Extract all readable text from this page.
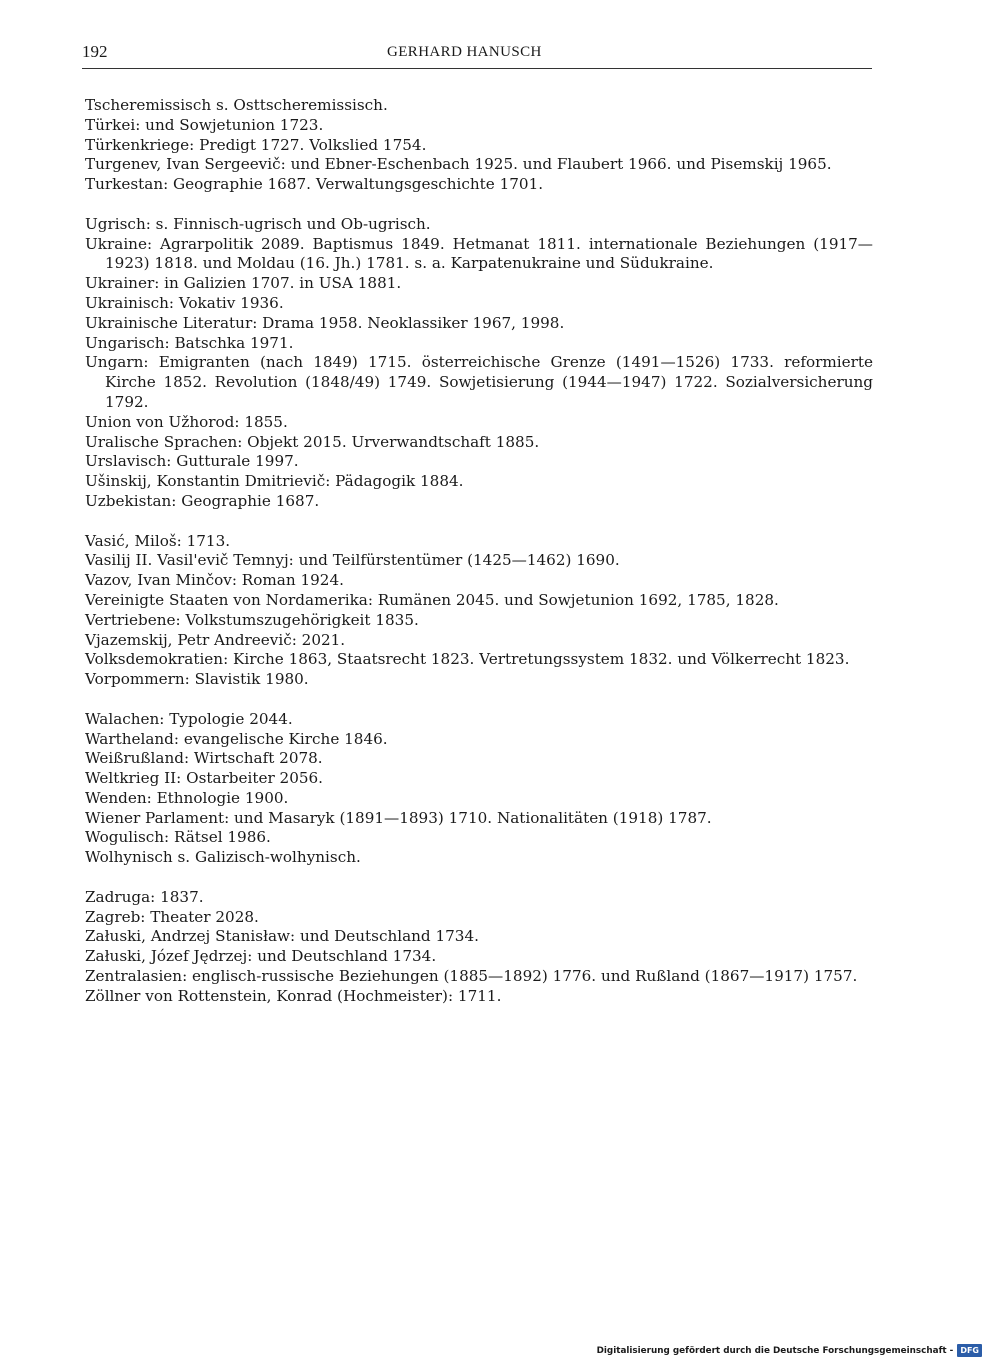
192	GERHARD HANUSCH
Tscheremissisch s. Osttscheremissisch.
Türkei: und Sowjetunion 1723.
Türkenkriege: Predigt 1727. Volkslied 1754.
Turgenev, Ivan Sergeevič: und Ebner-Eschenbach 1925. und Flaubert 1966. und Pisemskij 1965.
Turkestan: Geographie 1687. Verwaltungsgeschichte 1701.
Ugrisch: s. Finnisch-ugrisch und Ob-ugrisch.
Ukraine: Agrarpolitik 2089. Baptismus 1849. Hetmanat 1811. internationale Beziehungen (1917—1923) 1818. und Moldau (16. Jh.) 1781. s. a. Karpatenukraine und Südukraine.
Ukrainer: in Galizien 1707. in USA 1881.
Ukrainisch: Vokativ 1936.
Ukrainische Literatur: Drama 1958. Neoklassiker 1967, 1998.
Ungarisch: Batschka 1971.
Ungarn: Emigranten (nach 1849) 1715. österreichische Grenze (1491—1526) 1733. reformierte Kirche 1852. Revolution (1848/49) 1749. Sowjetisierung (1944—1947) 1722. Sozialversicherung 1792.
Union von Užhorod: 1855.
Uralische Sprachen: Objekt 2015. Urverwandtschaft 1885.
Urslavisch: Gutturale 1997.
Ušinskij, Konstantin Dmitrievič: Pädagogik 1884.
Uzbekistan: Geographie 1687.
Vasić, Miloš: 1713.
Vasilij II. Vasil'evič Temnyj: und Teilfürstentümer (1425—1462) 1690.
Vazov, Ivan Minčov: Roman 1924.
Vereinigte Staaten von Nordamerika: Rumänen 2045. und Sowjetunion 1692, 1785, 1828.
Vertriebene: Volkstumszugehörigkeit 1835.
Vjazemskij, Petr Andreevič: 2021.
Volksdemokratien: Kirche 1863, Staatsrecht 1823. Vertretungssystem 1832. und Völkerrecht 1823.
Vorpommern: Slavistik 1980.
Walachen: Typologie 2044.
Wartheland: evangelische Kirche 1846.
Weißrußland: Wirtschaft 2078.
Weltkrieg II: Ostarbeiter 2056.
Wenden: Ethnologie 1900.
Wiener Parlament: und Masaryk (1891—1893) 1710. Nationalitäten (1918) 1787.
Wogulisch: Rätsel 1986.
Wolhynisch s. Galizisch-wolhynisch.
Zadruga: 1837.
Zagreb: Theater 2028.
Załuski, Andrzej Stanisław: und Deutschland 1734.
Załuski, Józef Jędrzej: und Deutschland 1734.
Zentralasien: englisch-russische Beziehungen (1885—1892) 1776. und Rußland (1867—1917) 1757.
Zöllner von Rottenstein, Konrad (Hochmeister): 1711.
Digitalisierung gefördert durch die Deutsche Forschungsgemeinschaft - DFG
